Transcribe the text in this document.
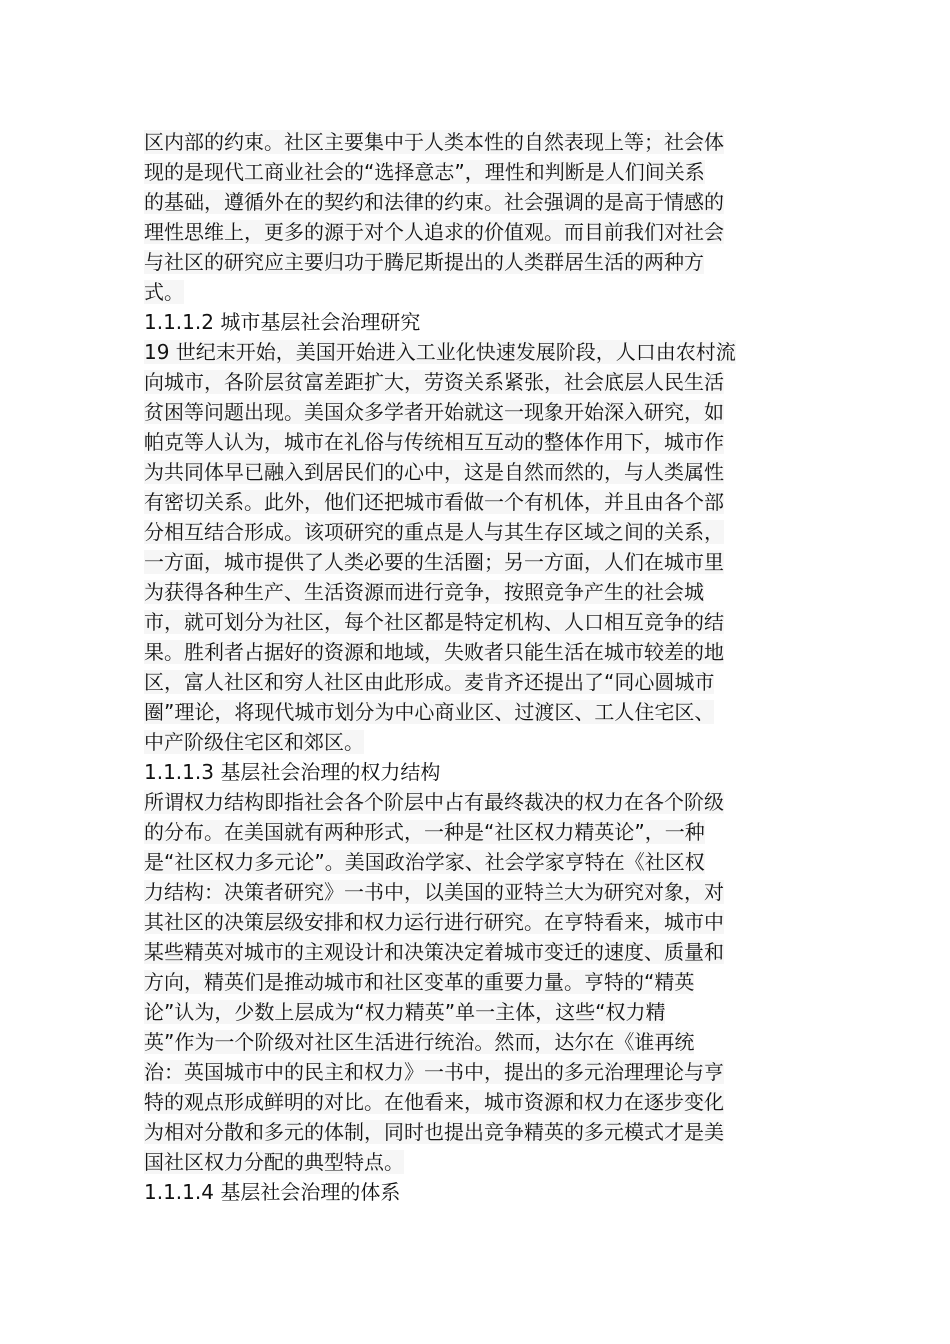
区内部的约束。社区主要集中于人类本性的自然表现上等；社会体
现的是现代工商业社会的“选择意志”，理性和判断是人们间关系
的基础，遵循外在的契约和法律的约束。社会强调的是高于情感的
理性思维上，更多的源于对个人追求的价值观。而目前我们对社会
与社区的研究应主要归功于腾尼斯提出的人类群居生活的两种方
式。
1.1.1.2 城市基层社会治理研究
19 世纪末开始，美国开始进入工业化快速发展阶段，人口由农村流
向城市，各阶层贫富差距扩大，劳资关系紧张，社会底层人民生活
贫困等问题出现。美国众多学者开始就这一现象开始深入研究，如
帕克等人认为，城市在礼俗与传统相互互动的整体作用下，城市作
为共同体早已融入到居民们的心中，这是自然而然的，与人类属性
有密切关系。此外，他们还把城市看做一个有机体，并且由各个部
分相互结合形成。该项研究的重点是人与其生存区域之间的关系，
一方面，城市提供了人类必要的生活圈；另一方面，人们在城市里
为获得各种生产、生活资源而进行竞争，按照竞争产生的社会城
市，就可划分为社区，每个社区都是特定机构、人口相互竞争的结
果。胜利者占据好的资源和地域，失败者只能生活在城市较差的地
区，富人社区和穷人社区由此形成。麦肯齐还提出了“同心圆城市
圈”理论，将现代城市划分为中心商业区、过渡区、工人住宅区、
中产阶级住宅区和郊区。
1.1.1.3 基层社会治理的权力结构
所谓权力结构即指社会各个阶层中占有最终裁决的权力在各个阶级
的分布。在美国就有两种形式，一种是“社区权力精英论”，一种
是“社区权力多元论”。美国政治学家、社会学家亨特在《社区权
力结构：决策者研究》一书中，以美国的亚特兰大为研究对象，对
其社区的决策层级安排和权力运行进行研究。在亨特看来，城市中
某些精英对城市的主观设计和决策决定着城市变迁的速度、质量和
方向，精英们是推动城市和社区变革的重要力量。亨特的“精英
论”认为，少数上层成为“权力精英”单一主体，这些“权力精
英”作为一个阶级对社区生活进行统治。然而，达尔在《谁再统
治：英国城市中的民主和权力》一书中，提出的多元治理理论与亨
特的观点形成鲜明的对比。在他看来，城市资源和权力在逐步变化
为相对分散和多元的体制，同时也提出竞争精英的多元模式才是美
国社区权力分配的典型特点。
1.1.1.4 基层社会治理的体系
